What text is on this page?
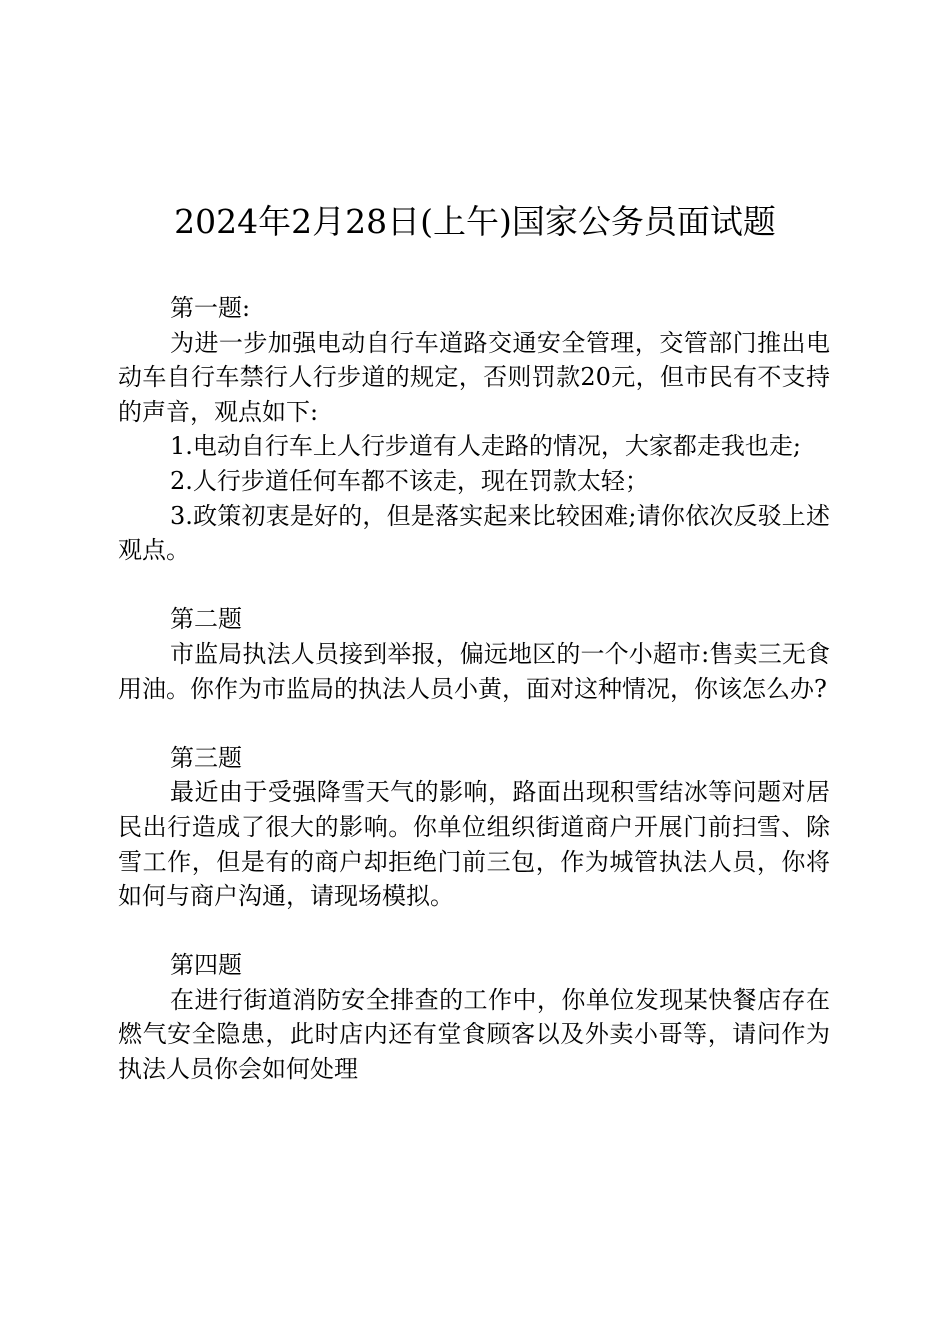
2024年2月28日(上午)国家公务员面试题

第一题:

为进一步加强电动自行车道路交通安全管理，交管部门推出电动车自行车禁行人行步道的规定，否则罚款20元，但市民有不支持的声音，观点如下:

1.电动自行车上人行步道有人走路的情况，大家都走我也走;

2.人行步道任何车都不该走，现在罚款太轻；

3.政策初衷是好的，但是落实起来比较困难;请你依次反驳上述观点。

第二题

市监局执法人员接到举报，偏远地区的一个小超市:售卖三无食用油。你作为市监局的执法人员小黄，面对这种情况，你该怎么办?

第三题

最近由于受强降雪天气的影响，路面出现积雪结冰等问题对居民出行造成了很大的影响。你单位组织街道商户开展门前扫雪、除雪工作，但是有的商户却拒绝门前三包，作为城管执法人员，你将如何与商户沟通，请现场模拟。

第四题

在进行街道消防安全排查的工作中，你单位发现某快餐店存在燃气安全隐患，此时店内还有堂食顾客以及外卖小哥等，请问作为执法人员你会如何处理
